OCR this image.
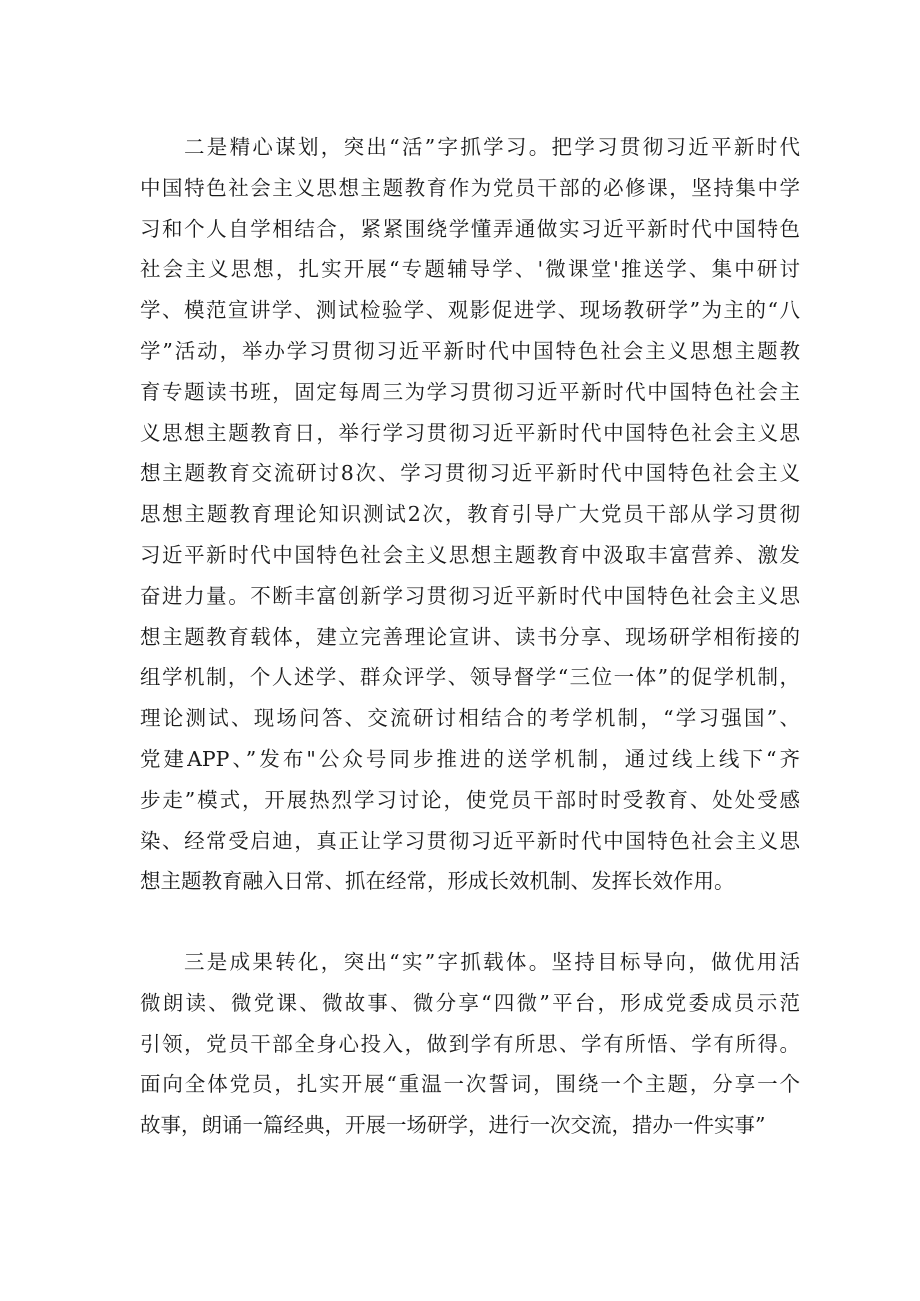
二是精心谋划，突出“活”字抓学习。把学习贯彻习近平新时代
中国特色社会主义思想主题教育作为党员干部的必修课，坚持集中学
习和个人自学相结合，紧紧围绕学懂弄通做实习近平新时代中国特色
社会主义思想，扎实开展“专题辅导学、'微课堂'推送学、集中研讨
学、模范宣讲学、测试检验学、观影促进学、现场教研学”为主的“八
学”活动，举办学习贯彻习近平新时代中国特色社会主义思想主题教
育专题读书班，固定每周三为学习贯彻习近平新时代中国特色社会主
义思想主题教育日，举行学习贯彻习近平新时代中国特色社会主义思
想主题教育交流研讨8次、学习贯彻习近平新时代中国特色社会主义
思想主题教育理论知识测试2次，教育引导广大党员干部从学习贯彻
习近平新时代中国特色社会主义思想主题教育中汲取丰富营养、激发
奋进力量。不断丰富创新学习贯彻习近平新时代中国特色社会主义思
想主题教育载体，建立完善理论宣讲、读书分享、现场研学相衔接的
组学机制，个人述学、群众评学、领导督学“三位一体”的促学机制，
理论测试、现场问答、交流研讨相结合的考学机制，“学习强国”、
党建APP、”发布"公众号同步推进的送学机制，通过线上线下“齐
步走”模式，开展热烈学习讨论，使党员干部时时受教育、处处受感
染、经常受启迪，真正让学习贯彻习近平新时代中国特色社会主义思
想主题教育融入日常、抓在经常，形成长效机制、发挥长效作用。
三是成果转化，突出“实”字抓载体。坚持目标导向，做优用活
微朗读、微党课、微故事、微分享“四微”平台，形成党委成员示范
引领，党员干部全身心投入，做到学有所思、学有所悟、学有所得。
面向全体党员，扎实开展“重温一次誓词，围绕一个主题，分享一个
故事，朗诵一篇经典，开展一场研学，进行一次交流，措办一件实事”
